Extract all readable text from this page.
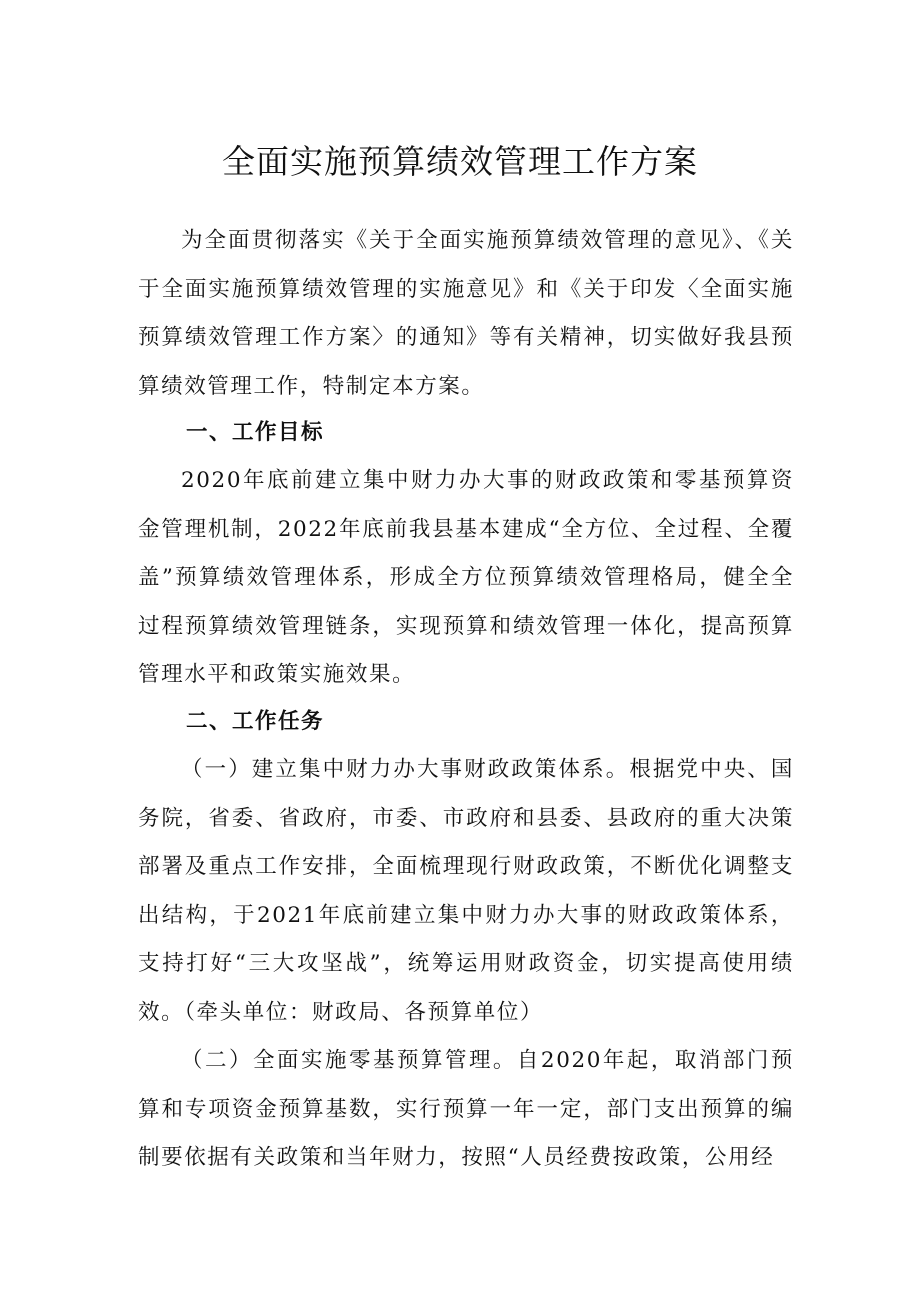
全面实施预算绩效管理工作方案

为全面贯彻落实《关于全面实施预算绩效管理的意见》、《关于全面实施预算绩效管理的实施意见》和《关于印发〈全面实施预算绩效管理工作方案〉的通知》等有关精神，切实做好我县预算绩效管理工作，特制定本方案。

一、工作目标

2020年底前建立集中财力办大事的财政政策和零基预算资金管理机制，2022年底前我县基本建成“全方位、全过程、全覆盖”预算绩效管理体系，形成全方位预算绩效管理格局，健全全过程预算绩效管理链条，实现预算和绩效管理一体化，提高预算管理水平和政策实施效果。

二、工作任务

（一）建立集中财力办大事财政政策体系。根据党中央、国务院，省委、省政府，市委、市政府和县委、县政府的重大决策部署及重点工作安排，全面梳理现行财政政策，不断优化调整支出结构，于2021年底前建立集中财力办大事的财政政策体系，支持打好“三大攻坚战”，统筹运用财政资金，切实提高使用绩效。（牵头单位：财政局、各预算单位）

（二）全面实施零基预算管理。自2020年起，取消部门预算和专项资金预算基数，实行预算一年一定，部门支出预算的编制要依据有关政策和当年财力，按照“人员经费按政策，公用经
